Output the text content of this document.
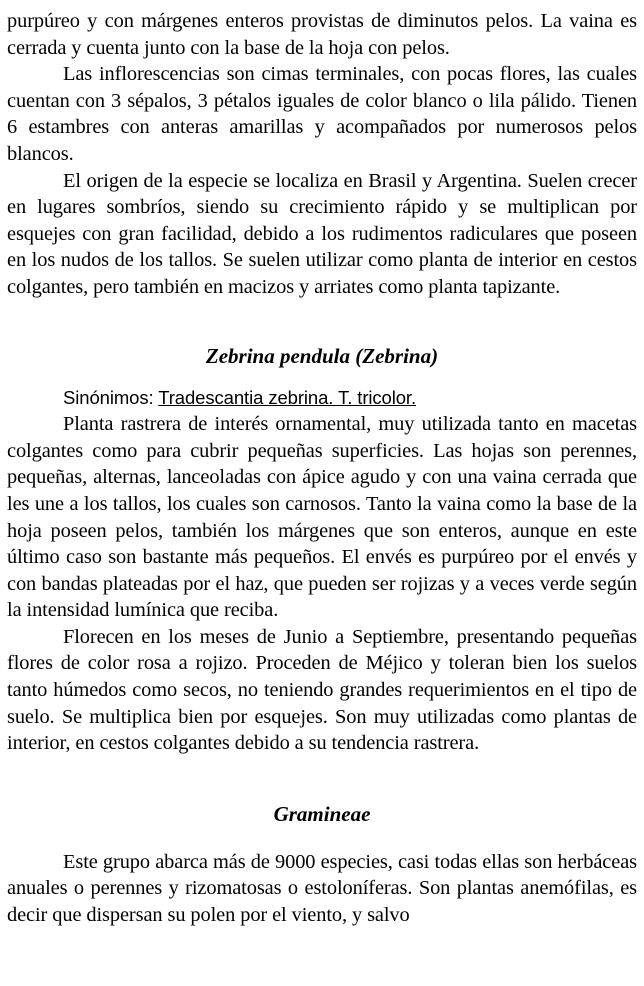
purpúreo y con márgenes enteros provistas de diminutos pelos. La vaina es cerrada y cuenta junto con la base de la hoja con pelos.

Las inflorescencias son cimas terminales, con pocas flores, las cuales cuentan con 3 sépalos, 3 pétalos iguales de color blanco o lila pálido. Tienen 6 estambres con anteras amarillas y acompañados por numerosos pelos blancos.

El origen de la especie se localiza en Brasil y Argentina. Suelen crecer en lugares sombríos, siendo su crecimiento rápido y se multiplican por esquejes con gran facilidad, debido a los rudimentos radiculares que poseen en los nudos de los tallos. Se suelen utilizar como planta de interior en cestos colgantes, pero también en macizos y arriates como planta tapizante.

Zebrina pendula (Zebrina)

Sinónimos: Tradescantia zebrina. T. tricolor.

Planta rastrera de interés ornamental, muy utilizada tanto en macetas colgantes como para cubrir pequeñas superficies. Las hojas son perennes, pequeñas, alternas, lanceoladas con ápice agudo y con una vaina cerrada que les une a los tallos, los cuales son carnosos. Tanto la vaina como la base de la hoja poseen pelos, también los márgenes que son enteros, aunque en este último caso son bastante más pequeños. El envés es purpúreo por el envés y con bandas plateadas por el haz, que pueden ser rojizas y a veces verde según la intensidad lumínica que reciba.

Florecen en los meses de Junio a Septiembre, presentando pequeñas flores de color rosa a rojizo. Proceden de Méjico y toleran bien los suelos tanto húmedos como secos, no teniendo grandes requerimientos en el tipo de suelo. Se multiplica bien por esquejes. Son muy utilizadas como plantas de interior, en cestos colgantes debido a su tendencia rastrera.

Gramineae

Este grupo abarca más de 9000 especies, casi todas ellas son herbáceas anuales o perennes y rizomatosas o estoloníferas. Son plantas anemófilas, es decir que dispersan su polen por el viento, y salvo
